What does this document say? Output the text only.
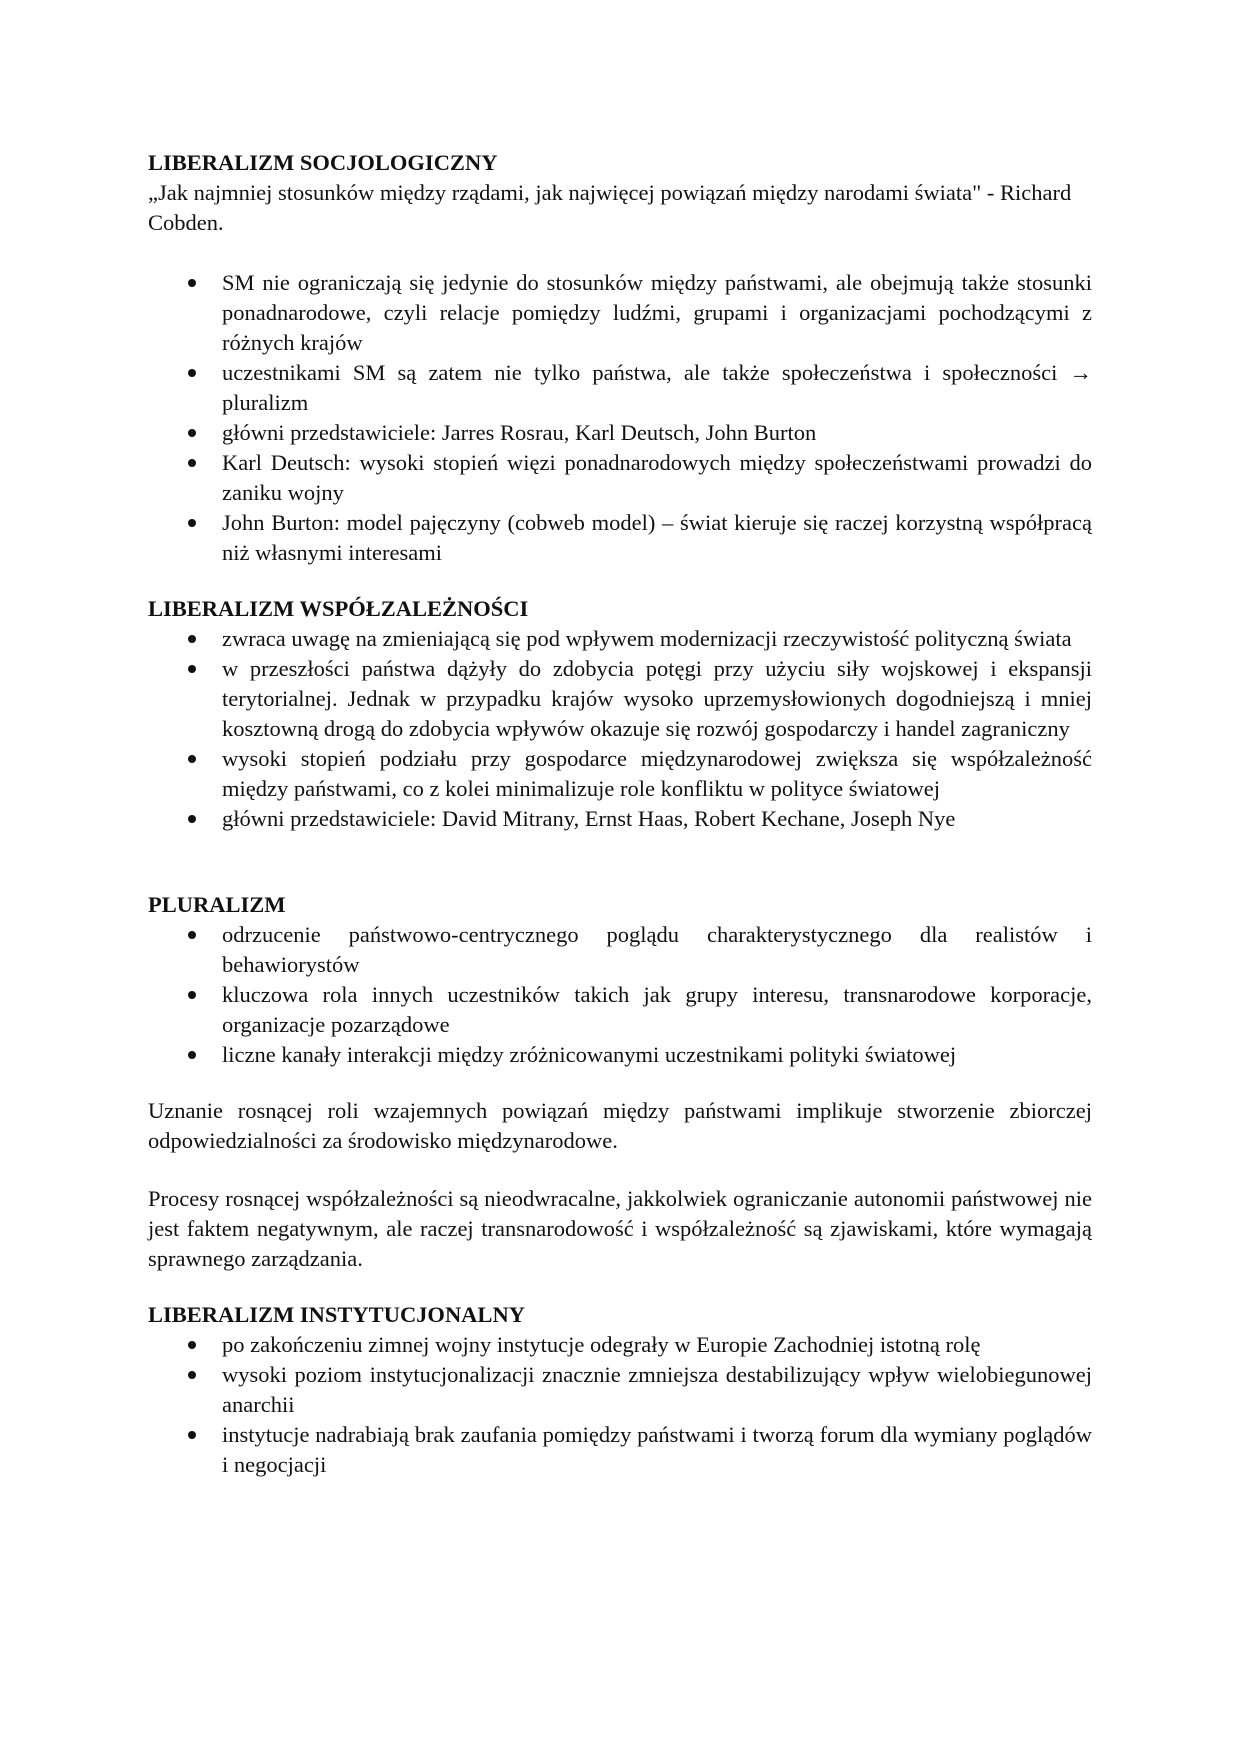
LIBERALIZM SOCJOLOGICZNY

„Jak najmniej stosunków między rządami, jak najwięcej powiązań między narodami świata" - Richard Cobden.

SM nie ograniczają się jedynie do stosunków między państwami, ale obejmują także stosunki ponadnarodowe, czyli relacje pomiędzy ludźmi, grupami i organizacjami pochodzącymi z różnych krajów
uczestnikami SM są zatem nie tylko państwa, ale także społeczeństwa i społeczności → pluralizm
główni przedstawiciele: Jarres Rosrau, Karl Deutsch, John Burton
Karl Deutsch: wysoki stopień więzi ponadnarodowych między społeczeństwami prowadzi do zaniku wojny
John Burton: model pajęczyny (cobweb model) – świat kieruje się raczej korzystną współpracą niż własnymi interesami
LIBERALIZM WSPÓŁZALEŻNOŚCI
zwraca uwagę na zmieniającą się pod wpływem modernizacji rzeczywistość polityczną świata
w przeszłości państwa dążyły do zdobycia potęgi przy użyciu siły wojskowej i ekspansji terytorialnej. Jednak w przypadku krajów wysoko uprzemysłowionych dogodniejszą i mniej kosztowną drogą do zdobycia wpływów okazuje się rozwój gospodarczy i handel zagraniczny
wysoki stopień podziału przy gospodarce międzynarodowej zwiększa się współzależność między państwami, co z kolei minimalizuje role konfliktu w polityce światowej
główni przedstawiciele: David Mitrany, Ernst Haas, Robert Kechane, Joseph Nye
PLURALIZM
odrzucenie państwowo-centrycznego poglądu charakterystycznego dla realistów i behawiorystów
kluczowa rola innych uczestników takich jak grupy interesu, transnarodowe korporacje, organizacje pozarządowe
liczne kanały interakcji między zróżnicowanymi uczestnikami polityki światowej

Uznanie rosnącej roli wzajemnych powiązań między państwami implikuje stworzenie zbiorczej odpowiedzialności za środowisko międzynarodowe.

Procesy rosnącej współzależności są nieodwracalne, jakkolwiek ograniczanie autonomii państwowej nie jest faktem negatywnym, ale raczej transnarodowość i współzależność są zjawiskami, które wymagają sprawnego zarządzania.

LIBERALIZM INSTYTUCJONALNY
po zakończeniu zimnej wojny instytucje odegrały w Europie Zachodniej istotną rolę
wysoki poziom instytucjonalizacji znacznie zmniejsza destabilizujący wpływ wielobiegunowej anarchii
instytucje nadrabiają brak zaufania pomiędzy państwami i tworzą forum dla wymiany poglądów i negocjacji
